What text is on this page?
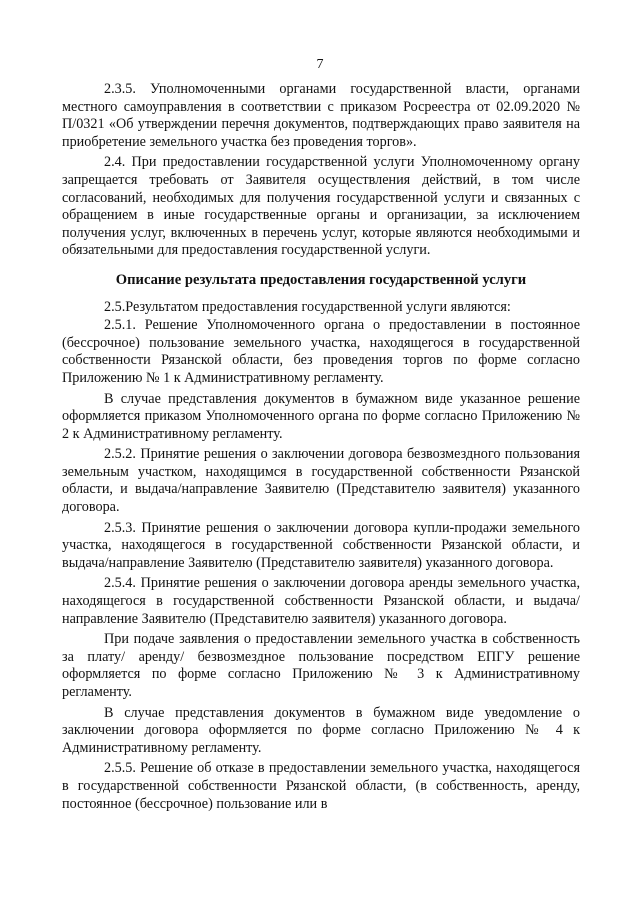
7

2.3.5. Уполномоченными органами государственной власти, органами местного самоуправления в соответствии с приказом Росреестра от 02.09.2020 № П/0321 «Об утверждении перечня документов, подтверждающих право заявителя на приобретение земельного участка без проведения торгов».

2.4. При предоставлении государственной услуги Уполномоченному органу запрещается требовать от Заявителя осуществления действий, в том числе согласований, необходимых для получения государственной услуги и связанных с обращением в иные государственные органы и организации, за исключением получения услуг, включенных в перечень услуг, которые являются необходимыми и обязательными для предоставления государственной услуги.

Описание результата предоставления государственной услуги

2.5.Результатом предоставления государственной услуги являются:

2.5.1. Решение Уполномоченного органа о предоставлении в постоянное (бессрочное) пользование земельного участка, находящегося в государственной собственности Рязанской области, без проведения торгов по форме согласно Приложению № 1 к Административному регламенту.

В случае представления документов в бумажном виде указанное решение оформляется приказом Уполномоченного органа по форме согласно Приложению № 2 к Административному регламенту.

2.5.2. Принятие решения о заключении договора безвозмездного пользования земельным участком, находящимся в государственной собственности Рязанской области, и выдача/направление Заявителю (Представителю заявителя) указанного договора.

2.5.3. Принятие решения о заключении договора купли-продажи земельного участка, находящегося в государственной собственности Рязанской области, и выдача/направление Заявителю (Представителю заявителя) указанного договора.

2.5.4. Принятие решения о заключении договора аренды земельного участка, находящегося в государственной собственности Рязанской области, и выдача/направление Заявителю (Представителю заявителя) указанного договора.

При подаче заявления о предоставлении земельного участка в собственность за плату/ аренду/ безвозмездное пользование посредством ЕПГУ решение оформляется по форме согласно Приложению № 3 к Административному регламенту.

В случае представления документов в бумажном виде уведомление о заключении договора оформляется по форме согласно Приложению № 4 к Административному регламенту.

2.5.5. Решение об отказе в предоставлении земельного участка, находящегося в государственной собственности Рязанской области, (в собственность, аренду, постоянное (бессрочное) пользование или в
